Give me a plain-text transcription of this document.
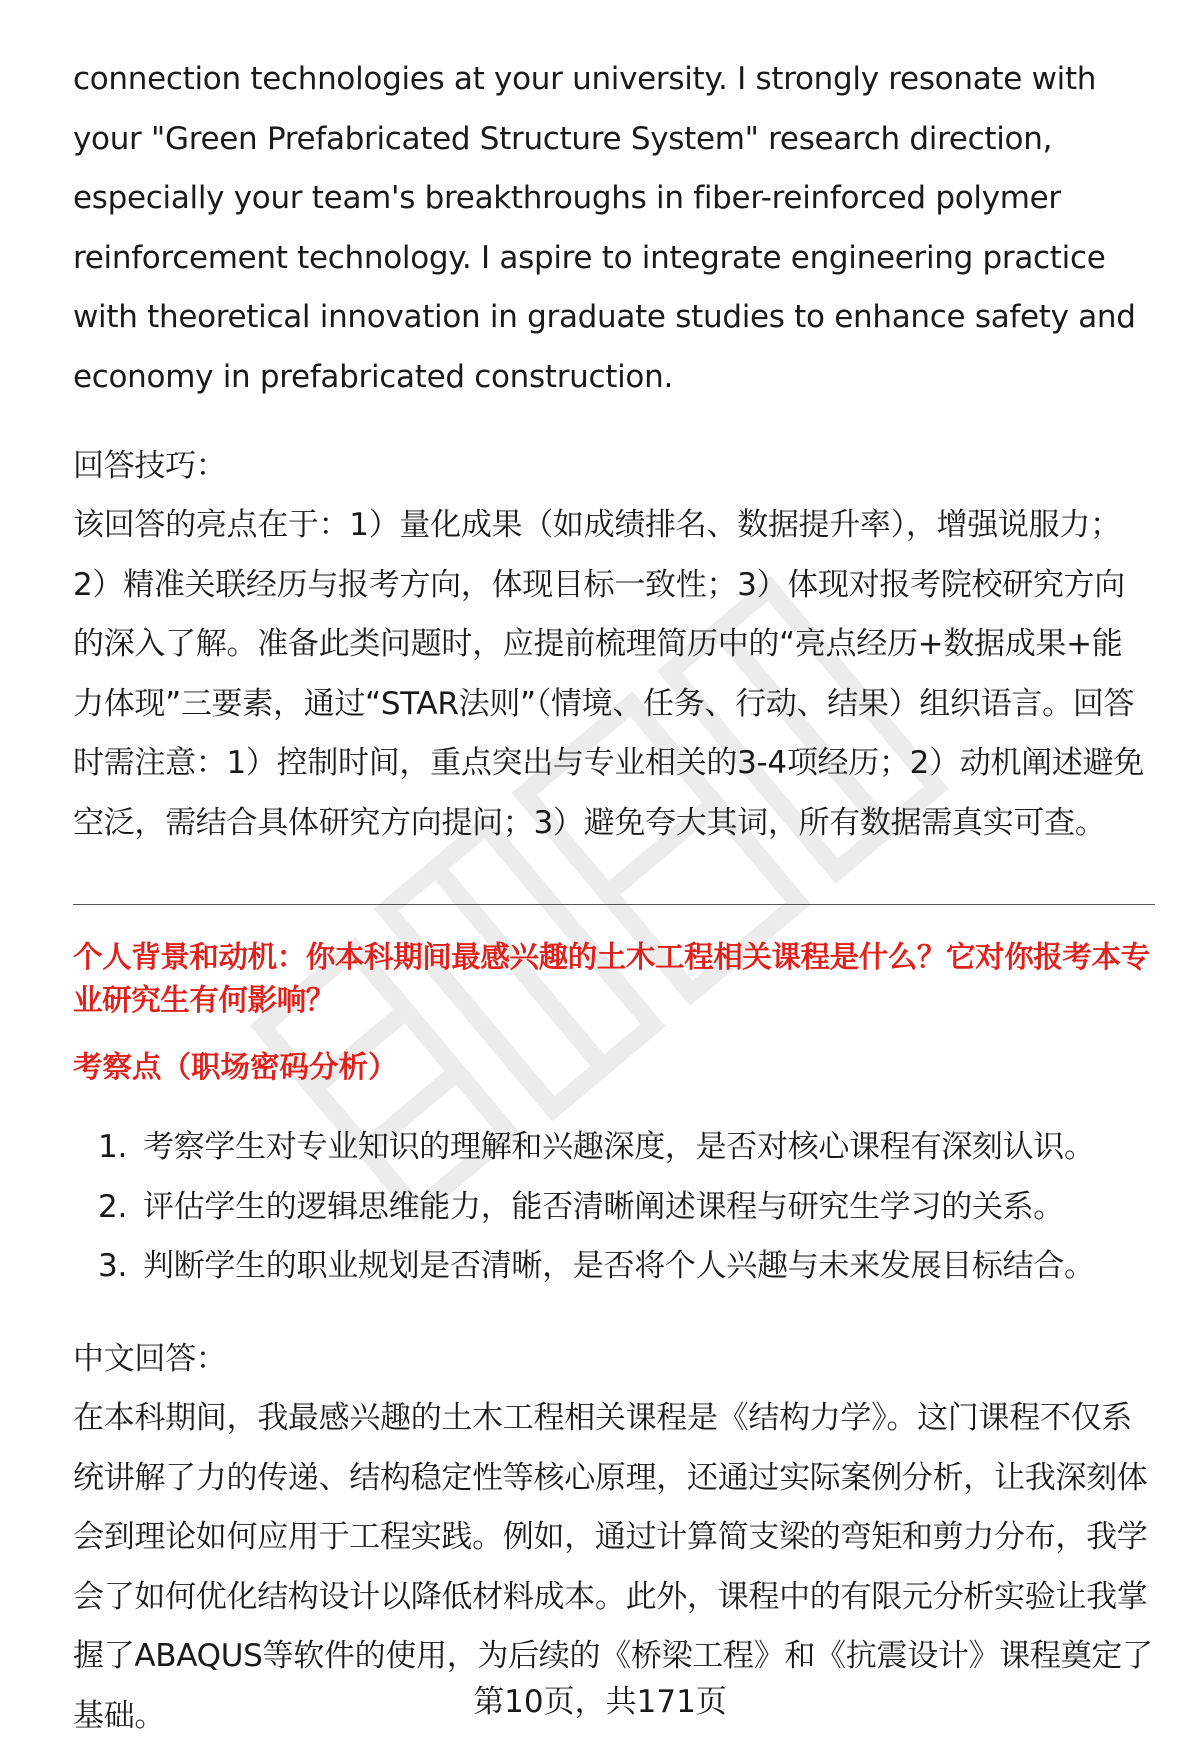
connection technologies at your university. I strongly resonate with your "Green Prefabricated Structure System" research direction, especially your team's breakthroughs in fiber-reinforced polymer reinforcement technology. I aspire to integrate engineering practice with theoretical innovation in graduate studies to enhance safety and economy in prefabricated construction.

回答技巧：

该回答的亮点在于：1）量化成果（如成绩排名、数据提升率），增强说服力；2）精准关联经历与报考方向，体现目标一致性；3）体现对报考院校研究方向的深入了解。准备此类问题时，应提前梳理简历中的“亮点经历+数据成果+能力体现”三要素，通过“STAR法则”（情境、任务、行动、结果）组织语言。回答时需注意：1）控制时间，重点突出与专业相关的3-4项经历；2）动机阐述避免空泛，需结合具体研究方向提问；3）避免夸大其词，所有数据需真实可查。

个人背景和动机：你本科期间最感兴趣的土木工程相关课程是什么？它对你报考本专业研究生有何影响？

考察点（职场密码分析）

1. 考察学生对专业知识的理解和兴趣深度，是否对核心课程有深刻认识。
2. 评估学生的逻辑思维能力，能否清晰阐述课程与研究生学习的关系。
3. 判断学生的职业规划是否清晰，是否将个人兴趣与未来发展目标结合。

中文回答：

在本科期间，我最感兴趣的土木工程相关课程是《结构力学》。这门课程不仅系统讲解了力的传递、结构稳定性等核心原理，还通过实际案例分析，让我深刻体会到理论如何应用于工程实践。例如，通过计算简支梁的弯矩和剪力分布，我学会了如何优化结构设计以降低材料成本。此外，课程中的有限元分析实验让我掌握了ABAQUS等软件的使用，为后续的《桥梁工程》和《抗震设计》课程奠定了基础。	第10页，共171页
